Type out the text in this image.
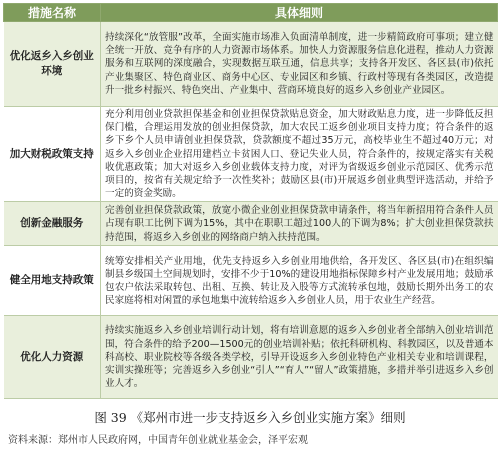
措施名称	具体细则
优化返乡入乡创业环境	持续深化“放管服”改革，全面实施市场准入负面清单制度，进一步精简政府可事项；建立健全统一开放、竞争有序的人力资源市场体系。加快人力资源服务信息化进程，推动人力资源服务和互联网的深度融合，实现数据互联互通，信息共享；支持各开发区、各区县(市)依托产业集聚区、特色商业区、商务中心区、专业园区和乡镇、行政村等现有各类园区，改造提升一批乡村振兴、特色突出、产业集中、营商环境良好的返乡入乡创业产业园区。
加大财税政策支持	充分利用创业贷款担保基金和创业担保贷款贴息资金，加大财政贴息力度，进一步降低反担保门槛，合理运用发放的创业担保贷款，加大农民工返乡创业项目支持力度；符合条件的返乡下乡个人员申请创业担保贷款，贷款额度不超过35万元，高校毕业生不超过40万元；对返乡入乡创业企业招用建档立卡贫困人口、登记失业人员，符合条件的，按规定落实有关税收优惠政策；加大对返乡入乡创业载体支持力度，对评为省级返乡创业示范园区、优秀示范项目的，按省有关规定给予一次性奖补；鼓励区县(市)开展返乡创业典型评选活动，并给予一定的资金奖励。
创新金融服务	完善创业担保贷款政策，放宽小微企业创业担保贷款申请条件，将当年新招用符合条件人员占现有职工比例下调为15%，其中在职职工超过100人的下调为8%；扩大创业担保贷款扶持范围，将返乡入乡创业的网络商户纳入扶持范围。
健全用地支持政策	统筹安排相关产业用地，优先支持返乡入乡创业用地供给，各开发区、各区县(市)在组织编制县乡级国土空间规划时，安排不少于10%的建设用地指标保障乡村产业发展用地；鼓励承包农户依法采取转包、出租、互换、转让及入股等方式流转承包地，鼓励长期外出务工的农民家庭将相对闲置的承包地集中流转给返乡入乡创业人员，用于农业生产经营。
优化人力资源	持续实施返乡入乡创业培训行动计划，将有培训意愿的返乡入乡创业者全部纳入创业培训范围，符合条件的给予200—1500元的创业培训补贴；依托科研机构、科教园区，以及普通本科高校、职业院校等各级各类学校，引导开设返乡入乡创业特色产业相关专业和培训课程，实训实操班等；完善返乡入乡创业“引人”“育人”“留人”政策措施，多措并举引进返乡入乡创业人才。
图 39 《郑州市进一步支持返乡入乡创业实施方案》细则
资料来源：郑州市人民政府网，中国青年创业就业基金会，泽平宏观
